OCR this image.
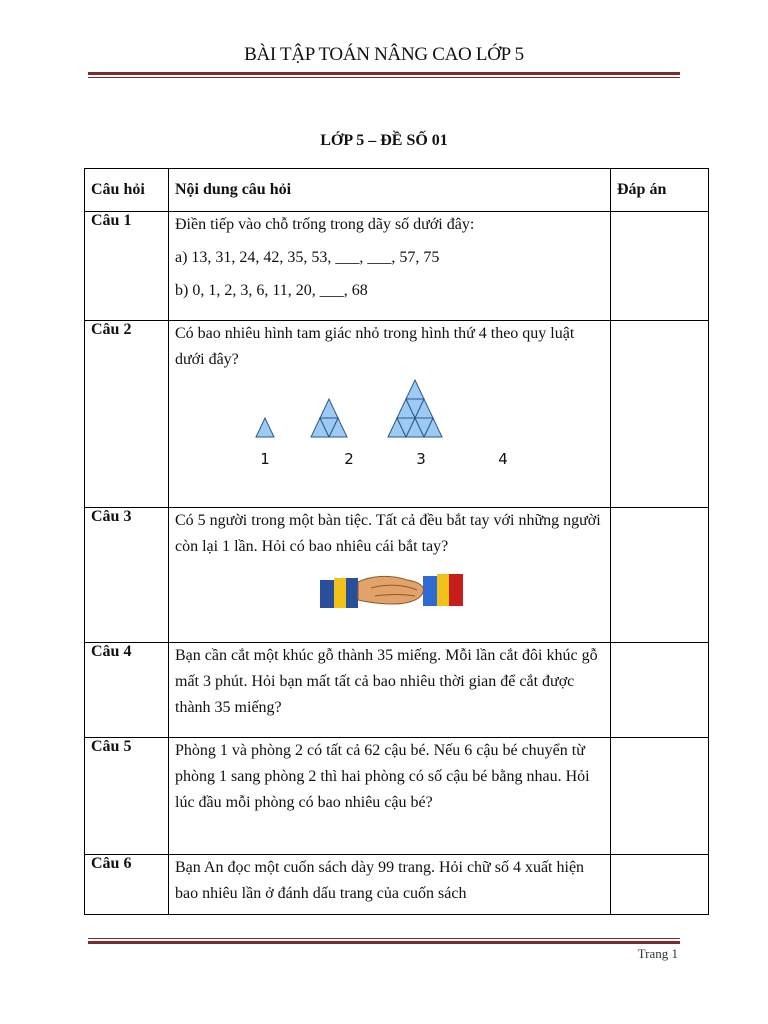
BÀI TẬP TOÁN NÂNG CAO LỚP 5
LỚP 5 – ĐỀ SỐ 01
Câu hỏi	Nội dung câu hỏi	Đáp án
Câu 1	Điền tiếp vào chỗ trống trong dãy số dưới đây:
a) 13, 31, 24, 42, 35, 53, ___, ___, 57, 75
b) 0, 1, 2, 3, 6, 11, 20, ___, 68	

Câu 2	Có bao nhiêu hình tam giác nhỏ trong hình thứ 4 theo quy luật dưới đây?
1 2 3 4	

Câu 3	Có 5 người trong một bàn tiệc. Tất cả đều bắt tay với những người còn lại 1 lần. Hỏi có bao nhiêu cái bắt tay?	

Câu 4	Bạn cần cắt một khúc gỗ thành 35 miếng. Mỗi lần cắt đôi khúc gỗ mất 3 phút. Hỏi bạn mất tất cả bao nhiêu thời gian để cắt được thành 35 miếng?	

Câu 5	Phòng 1 và phòng 2 có tất cả 62 cậu bé. Nếu 6 cậu bé chuyển từ phòng 1 sang phòng 2 thì hai phòng có số cậu bé bằng nhau. Hỏi lúc đầu mỗi phòng có bao nhiêu cậu bé?	

Câu 6	Bạn An đọc một cuốn sách dày 99 trang. Hỏi chữ số 4 xuất hiện bao nhiêu lần ở đánh dấu trang của cuốn sách	

Trang 1
